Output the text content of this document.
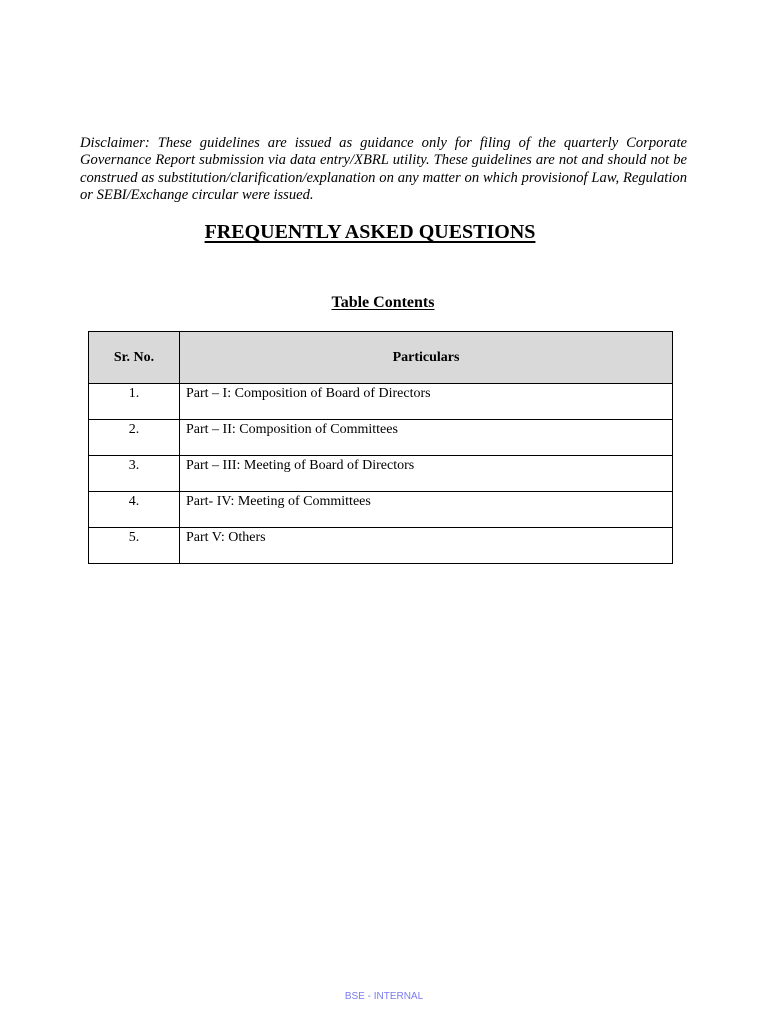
Disclaimer: These guidelines are issued as guidance only for filing of the quarterly Corporate Governance Report submission via data entry/XBRL utility. These guidelines are not and should not be construed as substitution/clarification/explanation on any matter on which provisionof Law, Regulation or SEBI/Exchange circular were issued.

FREQUENTLY ASKED QUESTIONS
Table Contents
Sr. No.	Particulars
1.	Part – I: Composition of Board of Directors
2.	Part – II: Composition of Committees
3.	Part – III: Meeting of Board of Directors
4.	Part- IV: Meeting of Committees
5.	Part V: Others

BSE - INTERNAL
